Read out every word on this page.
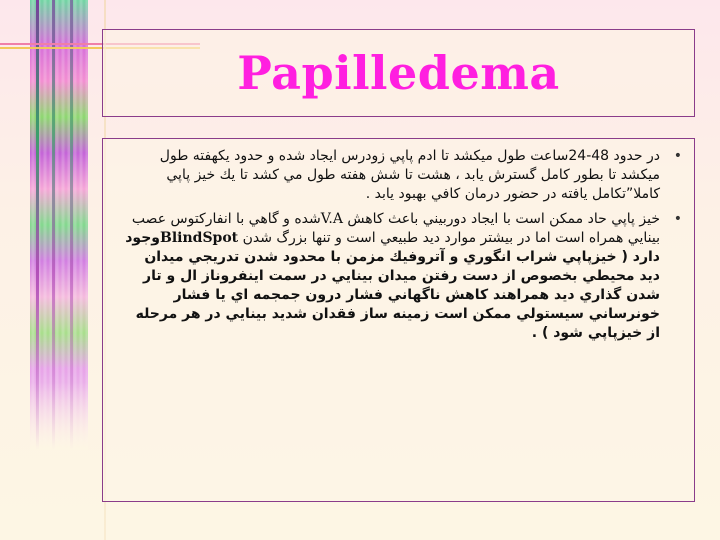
Papilledema
•
در حدود 48-24ساعت طول ميكشد تا ادم پاپي زودرس ايجاد شده و حدود يكهفته طول ميكشد تا بطور كامل گسترش يابد ، هشت تا شش هفته طول مي كشد تا يك خيز پاپي كاملا”تكامل يافته در حضور درمان كافي بهبود يابد .
•
خيز پاپي حاد ممكن است با ايجاد دوربيني باعث كاهش V.Aشده و گاهي با انفاركتوس عصب بينايي همراه است اما در بيشتر موارد ديد طبيعي است و تنها بزرگ شدن BlindSpotوجود دارد ( خيزپاپي شراب انگوري و آتروفيك مزمن با محدود شدن تدريجي ميدان ديد محيطي بخصوص از دست رفتن ميدان بينايي در سمت اينفروناز ال و تار شدن گذاري ديد همراهند كاهش ناگهاني فشار درون جمجمه اي يا فشار خونرساني سيستولي ممكن است زمينه ساز فقدان شديد بينايي در هر مرحله از خيزپاپي شود ) .
